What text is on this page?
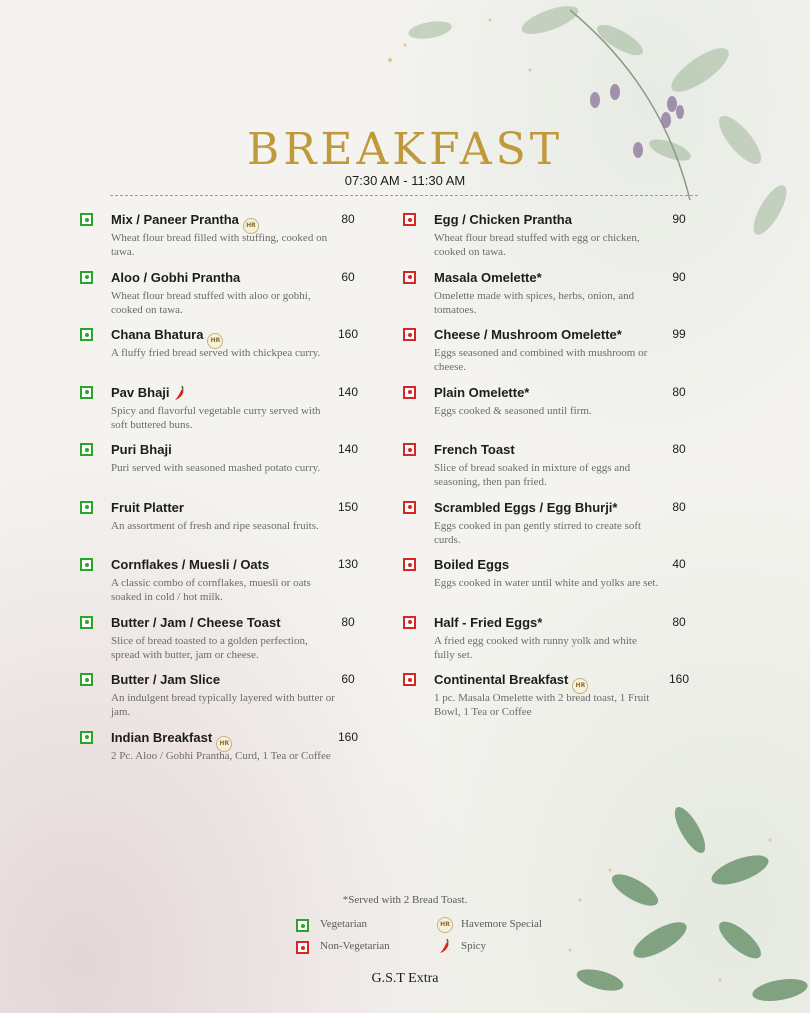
BREAKFAST
07:30 AM - 11:30 AM
Mix / Paneer Prantha HR
Wheat flour bread filled with stuffing, cooked on tawa.
80
Aloo / Gobhi Prantha
Wheat flour bread stuffed with aloo or gobhi, cooked on tawa.
60
Chana Bhatura HR
A fluffy fried bread served with chickpea curry.
160
Pav Bhaji
Spicy and flavorful vegetable curry served with soft buttered buns.
140
Puri Bhaji
Puri served with seasoned mashed potato curry.
140
Fruit Platter
An assortment of fresh and ripe seasonal fruits.
150
Cornflakes / Muesli / Oats
A classic combo of cornflakes, muesli or oats soaked in cold / hot milk.
130
Butter / Jam / Cheese Toast
Slice of bread toasted to a golden perfection, spread with butter, jam or cheese.
80
Butter / Jam Slice
An indulgent bread typically layered with butter or jam.
60
Indian Breakfast HR
2 Pc. Aloo / Gobhi Prantha, Curd, 1 Tea or Coffee
160
Egg / Chicken Prantha
Wheat flour bread stuffed with egg or chicken, cooked on tawa.
90
Masala Omelette*
Omelette made with spices, herbs, onion, and tomatoes.
90
Cheese / Mushroom Omelette*
Eggs seasoned and combined with mushroom or cheese.
99
Plain Omelette*
Eggs cooked & seasoned until firm.
80
French Toast
Slice of bread soaked in mixture of eggs and seasoning, then pan fried.
80
Scrambled Eggs / Egg Bhurji*
Eggs cooked in pan gently stirred to create soft curds.
80
Boiled Eggs
Eggs cooked in water until white and yolks are set.
40
Half - Fried Eggs*
A fried egg cooked with runny yolk and white fully set.
80
Continental Breakfast HR
1 pc. Masala Omelette with 2 bread toast, 1 Fruit Bowl, 1 Tea or Coffee
160
*Served with 2 Bread Toast.
Vegetarian
Non-Vegetarian
HR Havemore Special
Spicy
G.S.T Extra
